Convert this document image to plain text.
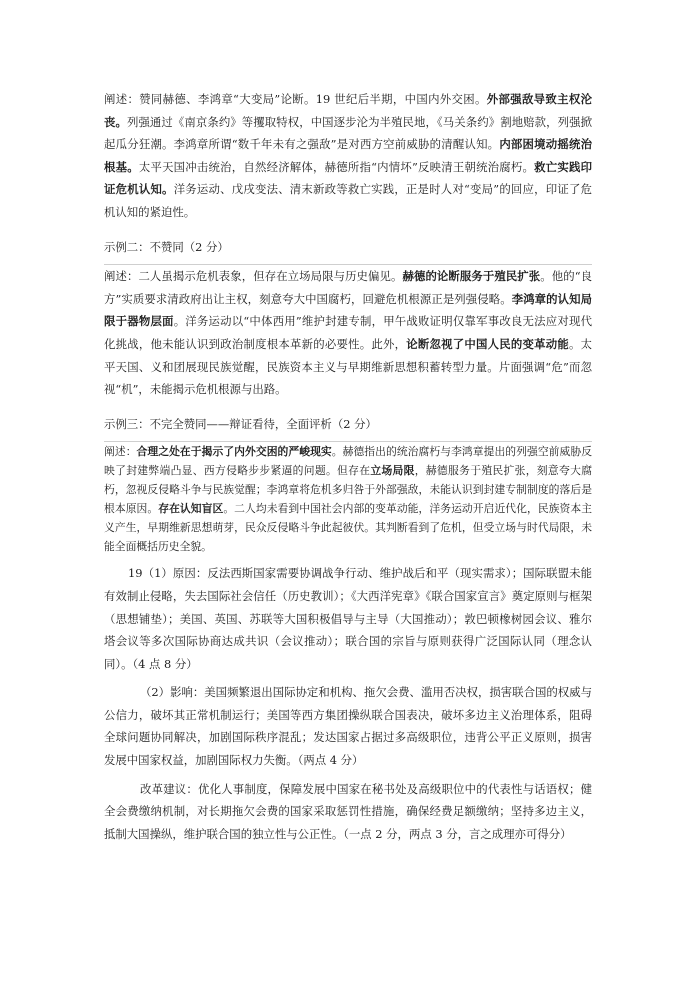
阐述：赞同赫德、李鸿章“大变局”论断。19 世纪后半期，中国内外交困。外部强敌导致主权沦丧。列强通过《南京条约》等攫取特权，中国逐步沦为半殖民地，《马关条约》割地赔款，列强掀起瓜分狂潮。李鸿章所谓“数千年未有之强敌”是对西方空前威胁的清醒认知。内部困境动摇统治根基。太平天国冲击统治，自然经济解体，赫德所指“内情坏”反映清王朝统治腐朽。救亡实践印证危机认知。洋务运动、戊戌变法、清末新政等救亡实践，正是时人对“变局”的回应，印证了危机认知的紧迫性。

示例二：不赞同（2 分）

阐述：二人虽揭示危机表象，但存在立场局限与历史偏见。赫德的论断服务于殖民扩张。他的“良方”实质要求清政府出让主权，刻意夸大中国腐朽，回避危机根源正是列强侵略。李鸿章的认知局限于器物层面。洋务运动以“中体西用”维护封建专制，甲午战败证明仅靠军事改良无法应对现代化挑战，他未能认识到政治制度根本革新的必要性。此外，论断忽视了中国人民的变革动能。太平天国、义和团展现民族觉醒，民族资本主义与早期维新思想积蓄转型力量。片面强调“危”而忽视“机”，未能揭示危机根源与出路。

示例三：不完全赞同——辩证看待，全面评析（2 分）

阐述：合理之处在于揭示了内外交困的严峻现实。赫德指出的统治腐朽与李鸿章提出的列强空前威胁反映了封建弊端凸显、西方侵略步步紧逼的问题。但存在立场局限，赫德服务于殖民扩张，刻意夸大腐朽，忽视反侵略斗争与民族觉醒；李鸿章将危机多归咎于外部强敌，未能认识到封建专制制度的落后是根本原因。存在认知盲区。二人均未看到中国社会内部的变革动能，洋务运动开启近代化，民族资本主义产生，早期维新思想萌芽，民众反侵略斗争此起彼伏。其判断看到了危机，但受立场与时代局限，未能全面概括历史全貌。

19（1）原因：反法西斯国家需要协调战争行动、维护战后和平（现实需求）；国际联盟未能有效制止侵略，失去国际社会信任（历史教训）；《大西洋宪章》《联合国家宣言》奠定原则与框架（思想铺垫）；美国、英国、苏联等大国积极倡导与主导（大国推动）；敦巴顿橡树园会议、雅尔塔会议等多次国际协商达成共识（会议推动）；联合国的宗旨与原则获得广泛国际认同（理念认同）。（4 点 8 分）

（2）影响：美国频繁退出国际协定和机构、拖欠会费、滥用否决权，损害联合国的权威与公信力，破坏其正常机制运行；美国等西方集团操纵联合国表决，破坏多边主义治理体系，阻碍全球问题协同解决，加剧国际秩序混乱；发达国家占据过多高级职位，违背公平正义原则，损害发展中国家权益，加剧国际权力失衡。（两点 4 分）

改革建议：优化人事制度，保障发展中国家在秘书处及高级职位中的代表性与话语权；健全会费缴纳机制，对长期拖欠会费的国家采取惩罚性措施，确保经费足额缴纳；坚持多边主义，抵制大国操纵，维护联合国的独立性与公正性。（一点 2 分，两点 3 分，言之成理亦可得分）
